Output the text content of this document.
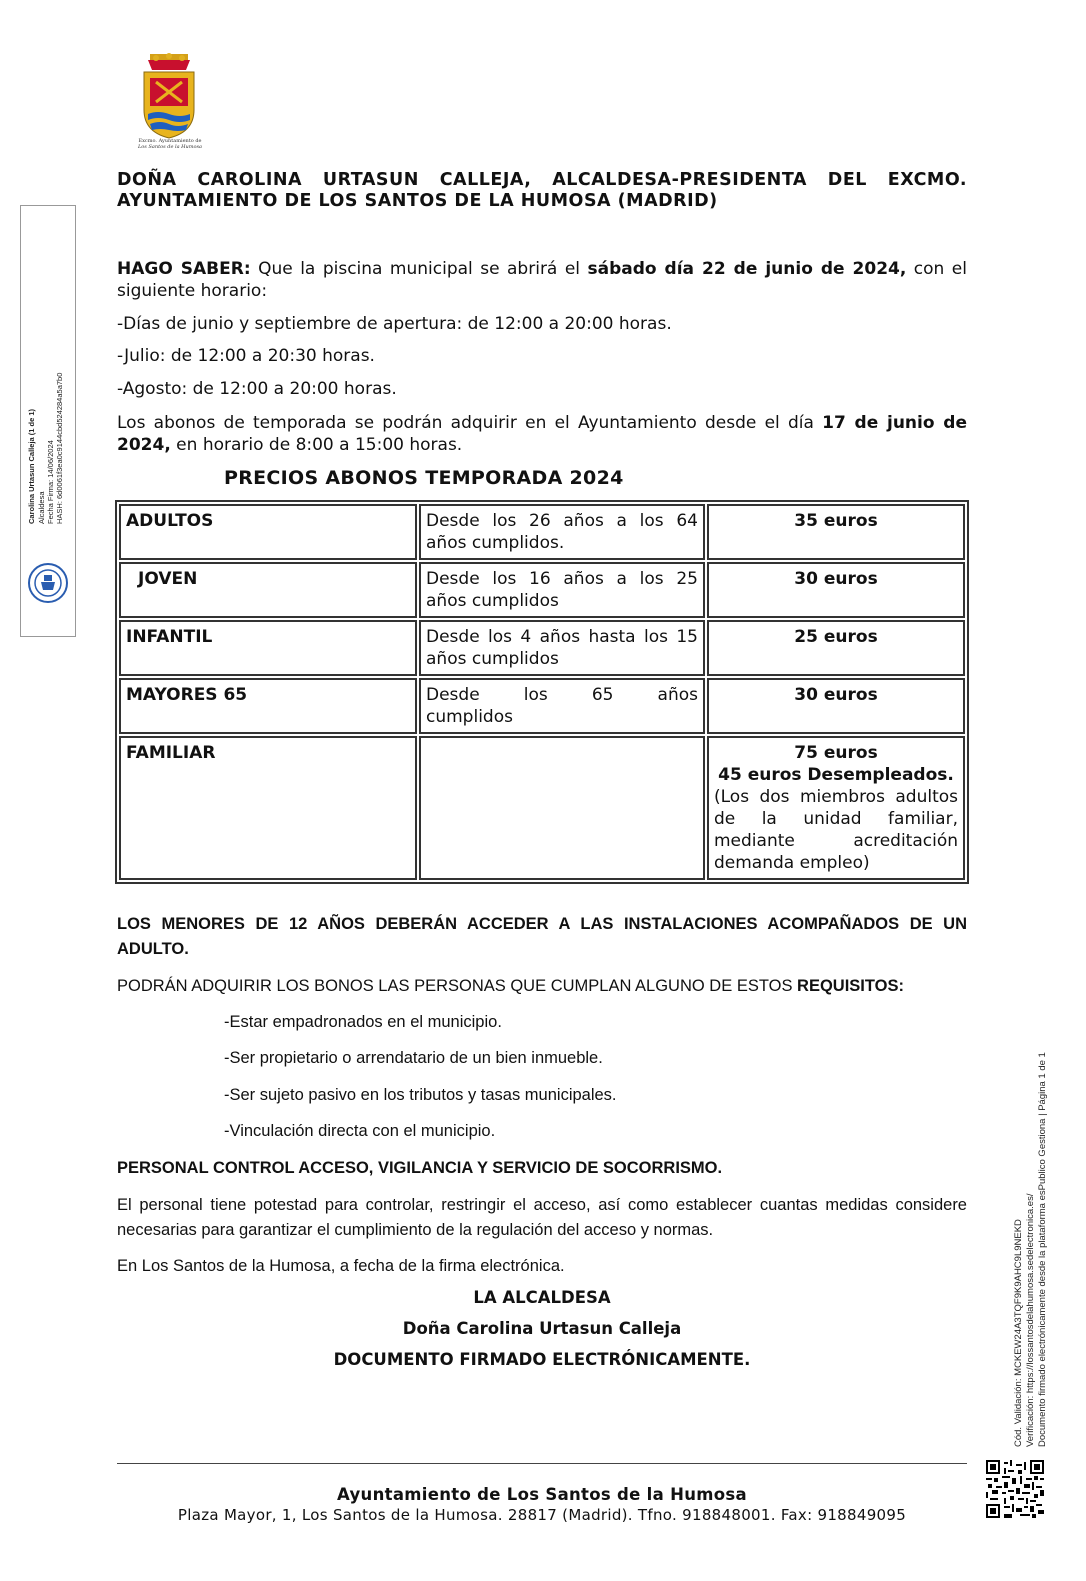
Excmo. Ayuntamiento de
Los Santos de la Humosa
Carolina Urtasun Calleja (1 de 1) Alcaldesa Fecha Firma: 14/06/2024 HASH: 6d0061f3ea0c9144cbd524284a5a7b0
DOÑA CAROLINA URTASUN CALLEJA, ALCALDESA-PRESIDENTA DEL EXCMO. AYUNTAMIENTO DE LOS SANTOS DE LA HUMOSA (MADRID)
HAGO SABER: Que la piscina municipal se abrirá el sábado día 22 de junio de 2024, con el siguiente horario:
-Días de junio y septiembre de apertura: de 12:00 a 20:00 horas.
-Julio: de 12:00 a 20:30 horas.
-Agosto: de 12:00 a 20:00 horas.
Los abonos de temporada se podrán adquirir en el Ayuntamiento desde el día 17 de junio de 2024, en horario de 8:00 a 15:00 horas.
PRECIOS ABONOS TEMPORADA 2024
ADULTOS	Desde los 26 años a los 64 años cumplidos.	35 euros
JOVEN	Desde los 16 años a los 25 años cumplidos	30 euros
INFANTIL	Desde los 4 años hasta los 15 años cumplidos	25 euros
MAYORES 65	Desde los 65 años cumplidos	30 euros
FAMILIAR		75 euros
45 euros Desempleados.
(Los dos miembros adultos de la unidad familiar, mediante acreditación demanda empleo)
LOS MENORES DE 12 AÑOS DEBERÁN ACCEDER A LAS INSTALACIONES ACOMPAÑADOS DE UN ADULTO.
PODRÁN ADQUIRIR LOS BONOS LAS PERSONAS QUE CUMPLAN ALGUNO DE ESTOS REQUISITOS:
-Estar empadronados en el municipio.
-Ser propietario o arrendatario de un bien inmueble.
-Ser sujeto pasivo en los tributos y tasas municipales.
-Vinculación directa con el municipio.
PERSONAL CONTROL ACCESO, VIGILANCIA Y SERVICIO DE SOCORRISMO.
El personal tiene potestad para controlar, restringir el acceso, así como establecer cuantas medidas considere necesarias para garantizar el cumplimiento de la regulación del acceso y normas.
En Los Santos de la Humosa, a fecha de la firma electrónica.
LA ALCALDESA
Doña Carolina Urtasun Calleja
DOCUMENTO FIRMADO ELECTRÓNICAMENTE.
Ayuntamiento de Los Santos de la Humosa
Plaza Mayor, 1, Los Santos de la Humosa. 28817 (Madrid). Tfno. 918848001. Fax: 918849095
Cód. Validación: MCKEW24A3TQF9K9AHC9L9NEKD Verificación: https://lossantosdelahumosa.sedelectronica.es/ Documento firmado electrónicamente desde la plataforma esPublico Gestiona | Página 1 de 1
